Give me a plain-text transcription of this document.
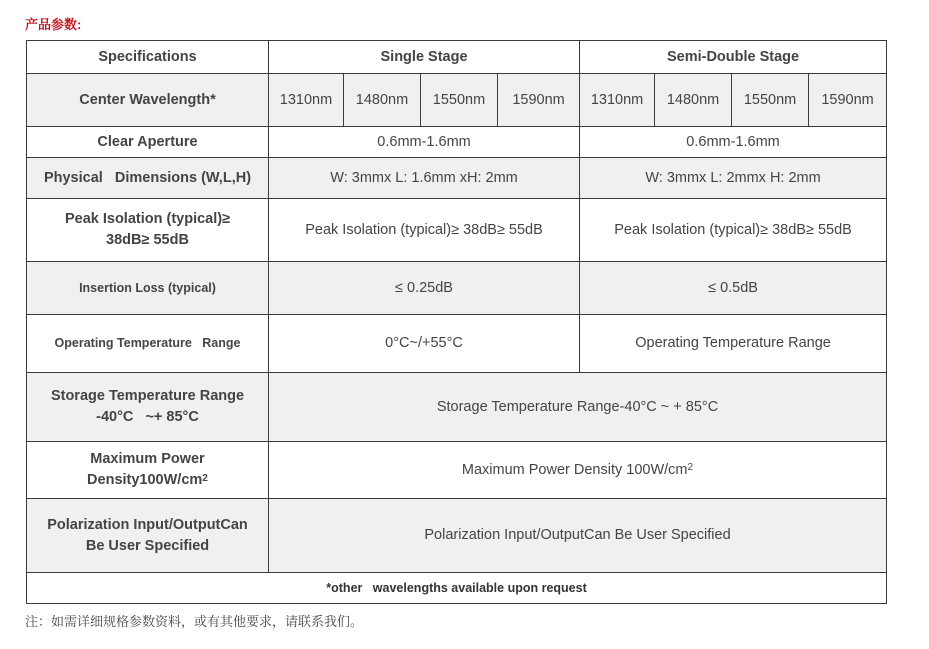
产品参数:
Specifications	Single Stage				Semi-Double Stage			
Center Wavelength*	1310nm	1480nm	1550nm	1590nm	1310nm	1480nm	1550nm	1590nm
Clear Aperture	0.6mm-1.6mm				0.6mm-1.6mm			
Physical   Dimensions (W,L,H)	W: 3mmx L: 1.6mm xH: 2mm				W: 3mmx L: 2mmx H: 2mm			
Peak Isolation (typical)≥
38dB≥ 55dB	Peak Isolation (typical)≥ 38dB≥ 55dB				Peak Isolation (typical)≥ 38dB≥ 55dB			
Insertion Loss (typical)	≤ 0.25dB				≤ 0.5dB			
Operating Temperature   Range	0°C~/+55°C				Operating Temperature Range			
Storage Temperature Range
-40°C   ~+ 85°C	Storage Temperature Range-40°C ~ + 85°C							
Maximum Power
$Density100W/cm^2$	Maximum Power Density $100W/cm^2$
Polarization Input/OutputCan
Be User Specified	Polarization Input/OutputCan Be User Specified							
*other   wavelengths available upon request								
注：如需详细规格参数资料，或有其他要求，请联系我们。
